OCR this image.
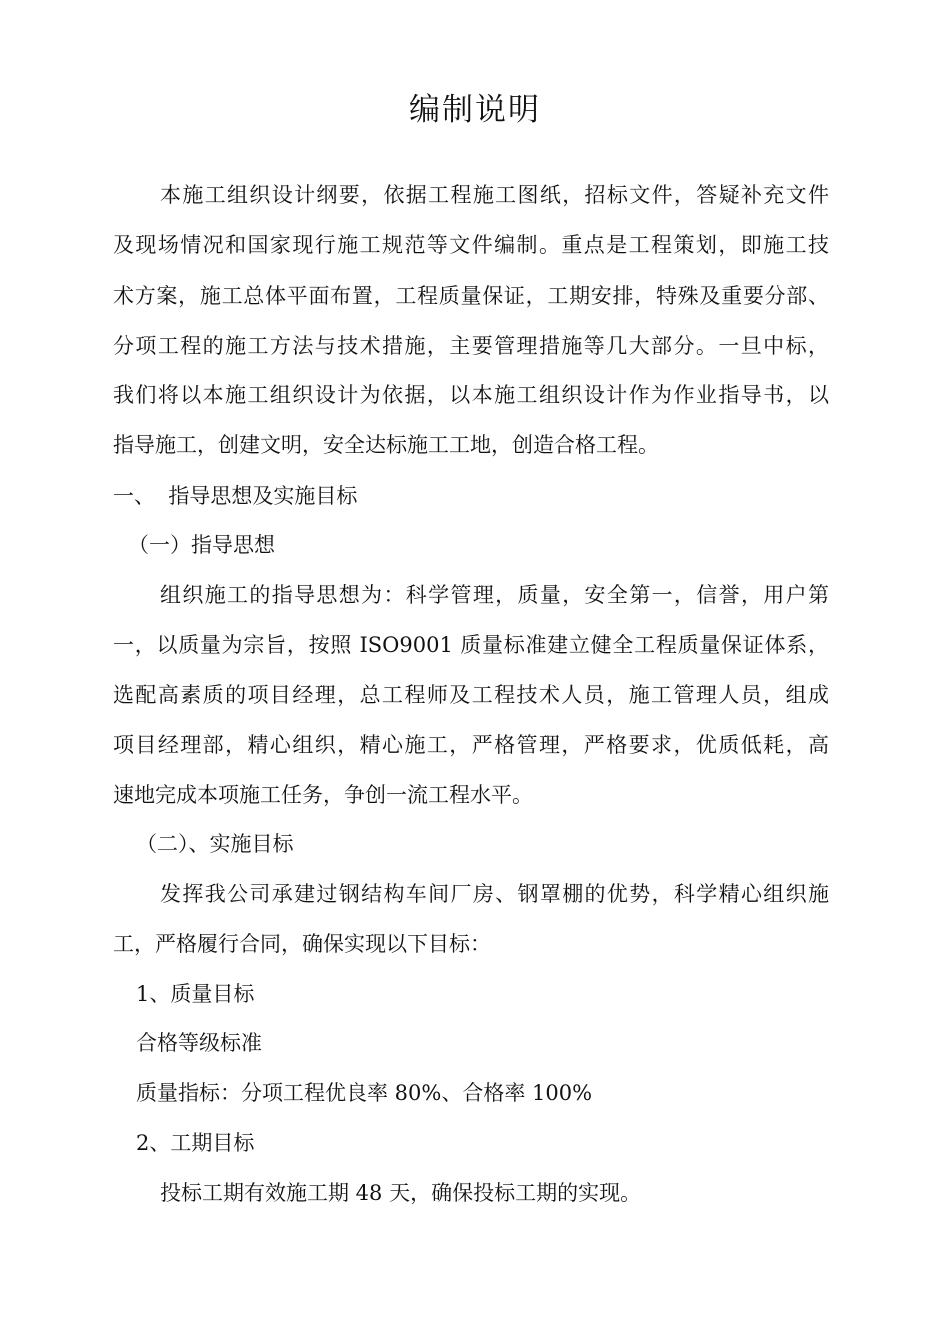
编制说明
本施工组织设计纲要，依据工程施工图纸，招标文件，答疑补充文件
及现场情况和国家现行施工规范等文件编制。重点是工程策划，即施工技
术方案，施工总体平面布置，工程质量保证，工期安排，特殊及重要分部、
分项工程的施工方法与技术措施，主要管理措施等几大部分。一旦中标，
我们将以本施工组织设计为依据，以本施工组织设计作为作业指导书，以
指导施工，创建文明，安全达标施工工地，创造合格工程。
一、  指导思想及实施目标
（一）指导思想
组织施工的指导思想为：科学管理，质量，安全第一，信誉，用户第
一，以质量为宗旨，按照 ISO9001 质量标准建立健全工程质量保证体系，
选配高素质的项目经理，总工程师及工程技术人员，施工管理人员，组成
项目经理部，精心组织，精心施工，严格管理，严格要求，优质低耗，高
速地完成本项施工任务，争创一流工程水平。
（二）、实施目标
发挥我公司承建过钢结构车间厂房、钢罩棚的优势，科学精心组织施
工，严格履行合同，确保实现以下目标：
1、质量目标
合格等级标准
质量指标：分项工程优良率 80%、合格率 100%
2、工期目标
投标工期有效施工期 48 天，确保投标工期的实现。
